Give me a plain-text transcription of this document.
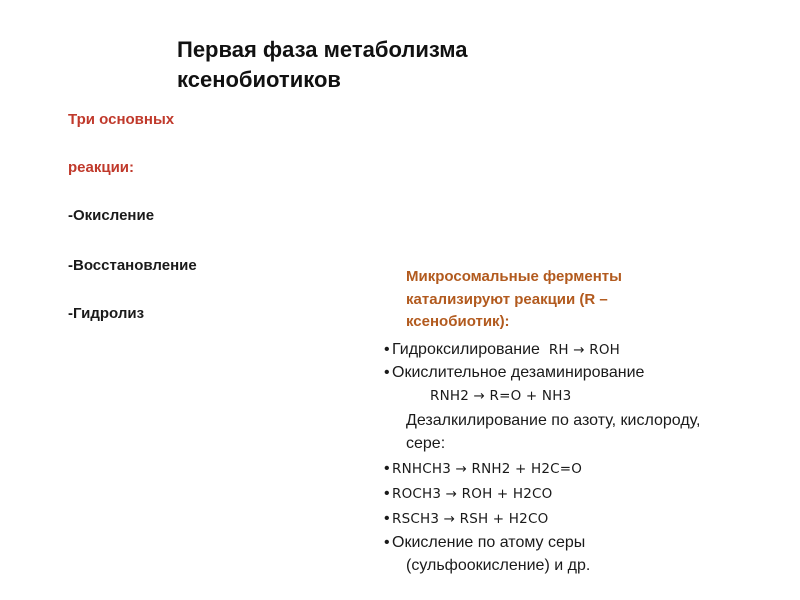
Первая фаза метаболизма
ксенобиотиков
Три основных
реакции:
-Окисление
-Восстановление
-Гидролиз
Микросомальные ферменты
катализируют реакции (R –
ксенобиотик):
• Гидроксилирование RH → ROH
• Окислительное дезаминирование
RNH2 → R=O + NH3
Дезалкилирование по азоту, кислороду,
сере:
• RNHCH3 → RNH2 + H2C=O
• ROCH3 → ROH + H2CO
• RSCH3 → RSH + H2CO
• Окисление по атому серы
(сульфоокисление) и др.
